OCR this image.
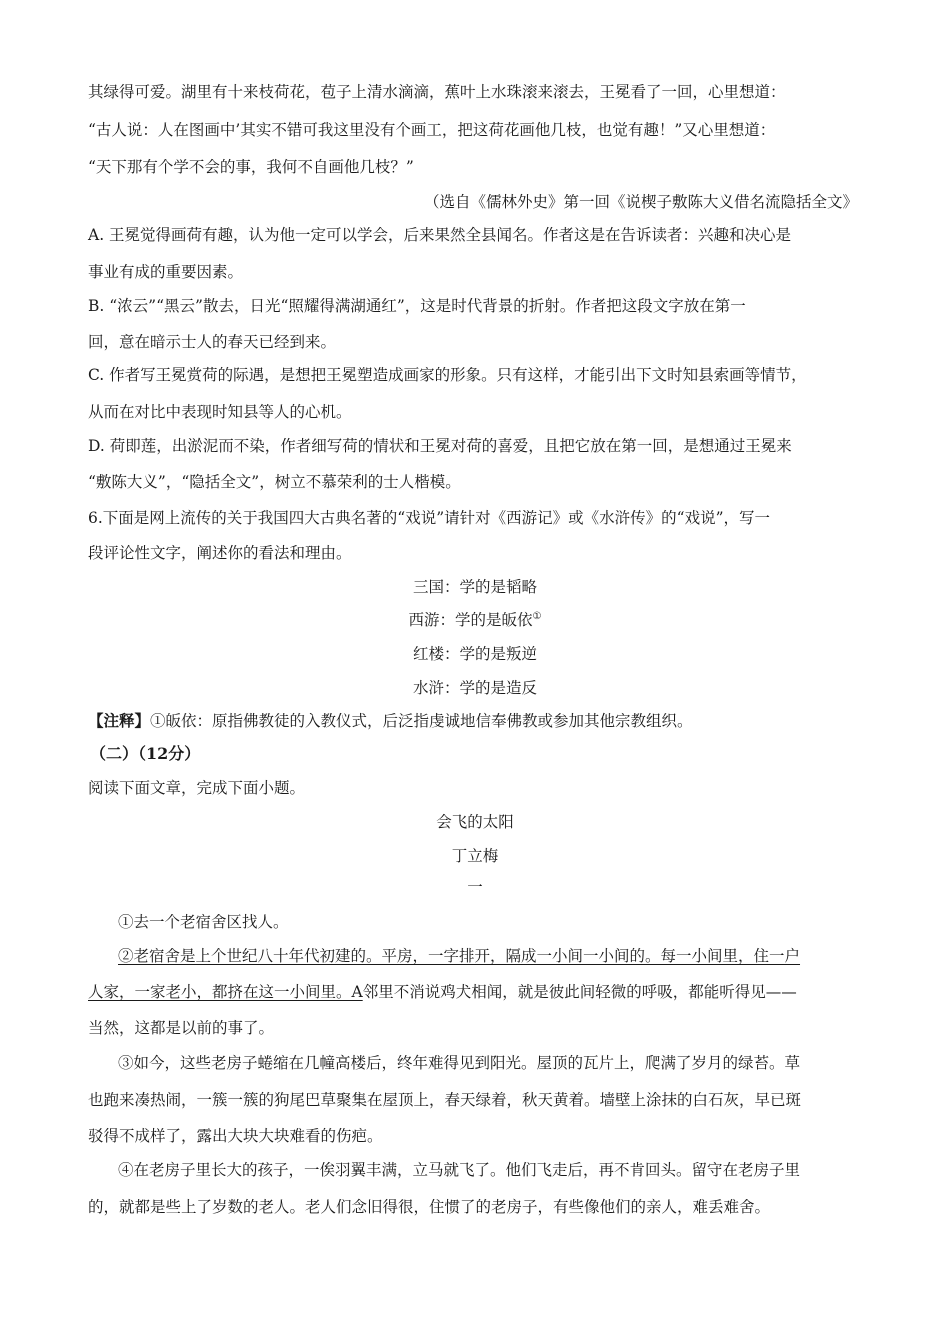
其绿得可爱。湖里有十来枝荷花，苞子上清水滴滴，蕉叶上水珠滚来滚去，王冕看了一回，心里想道：
“古人说：人在图画中’其实不错可我这里没有个画工，把这荷花画他几枝，也觉有趣！”又心里想道：
“天下那有个学不会的事，我何不自画他几枝？”
（选自《儒林外史》第一回《说楔子敷陈大义借名流隐括全文》
A. 王冕觉得画荷有趣，认为他一定可以学会，后来果然全县闻名。作者这是在告诉读者：兴趣和决心是
事业有成的重要因素。
B. “浓云”“黑云”散去，日光“照耀得满湖通红”，这是时代背景的折射。作者把这段文字放在第一
回，意在暗示士人的春天已经到来。
C. 作者写王冕赏荷的际遇，是想把王冕塑造成画家的形象。只有这样，才能引出下文时知县索画等情节，
从而在对比中表现时知县等人的心机。
D. 荷即莲，出淤泥而不染，作者细写荷的情状和王冕对荷的喜爱，且把它放在第一回，是想通过王冕来
“敷陈大义”，“隐括全文”，树立不慕荣利的士人楷模。
6.下面是网上流传的关于我国四大古典名著的“戏说”请针对《西游记》或《水浒传》的“戏说”，写一
段评论性文字，阐述你的看法和理由。
三国：学的是韬略
西游：学的是皈依①
红楼：学的是叛逆
水浒：学的是造反
【注释】①皈依：原指佛教徒的入教仪式，后泛指虔诚地信奉佛教或参加其他宗教组织。
（二）（12分）
阅读下面文章，完成下面小题。
会飞的太阳
丁立梅
一
①去一个老宿舍区找人。
②老宿舍是上个世纪八十年代初建的。平房，一字排开，隔成一小间一小间的。每一小间里，住一户
人家，一家老小，都挤在这一小间里。A邻里不消说鸡犬相闻，就是彼此间轻微的呼吸，都能听得见——
当然，这都是以前的事了。
③如今，这些老房子蜷缩在几幢高楼后，终年难得见到阳光。屋顶的瓦片上，爬满了岁月的绿苔。草
也跑来凑热闹，一簇一簇的狗尾巴草聚集在屋顶上，春天绿着，秋天黄着。墙壁上涂抹的白石灰，早已斑
驳得不成样了，露出大块大块难看的伤疤。
④在老房子里长大的孩子，一俟羽翼丰满，立马就飞了。他们飞走后，再不肯回头。留守在老房子里
的，就都是些上了岁数的老人。老人们念旧得很，住惯了的老房子，有些像他们的亲人，难丢难舍。
